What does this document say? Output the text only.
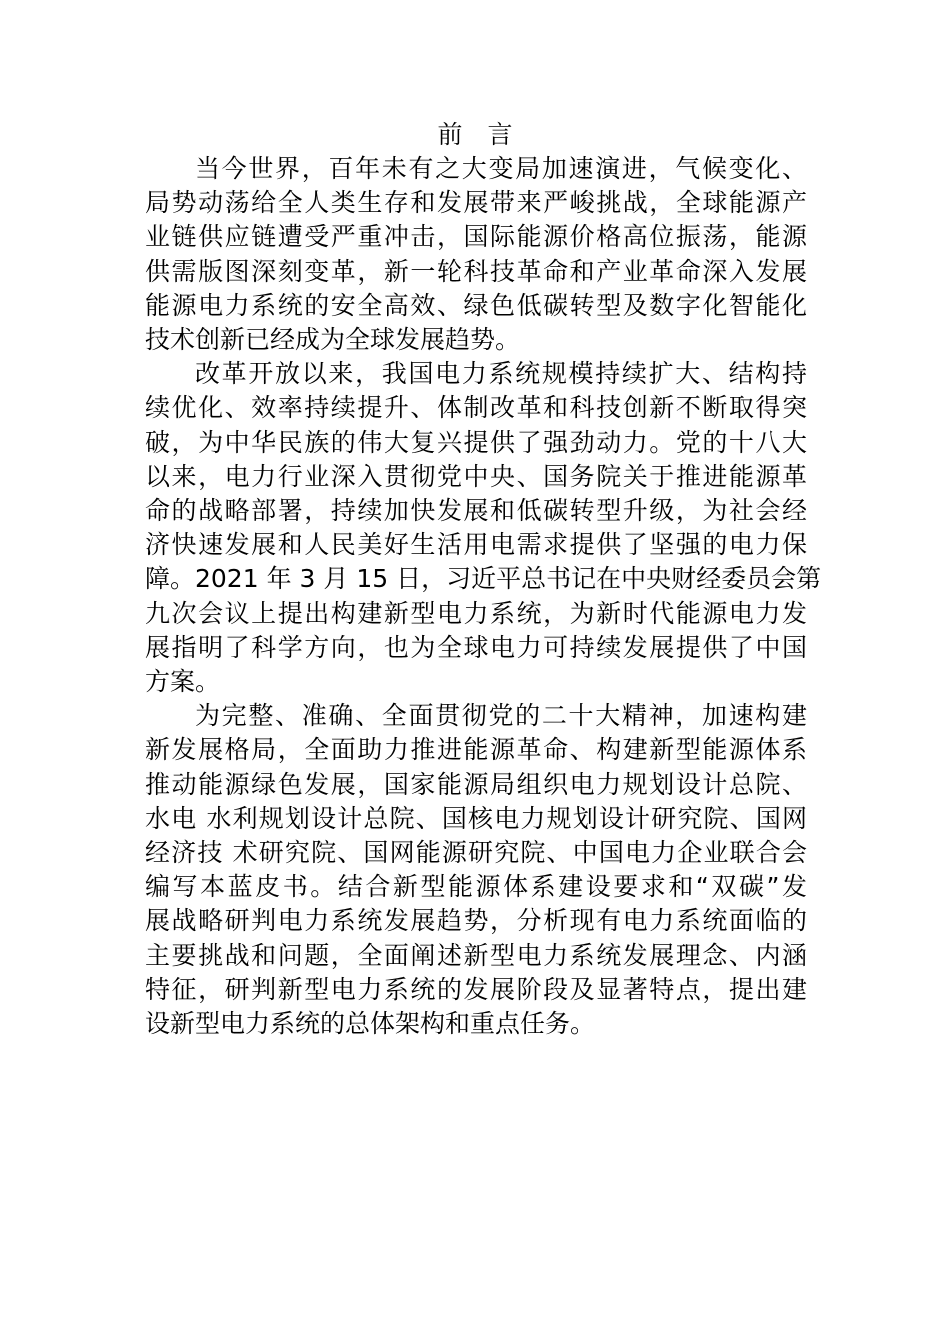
前　言
当今世界，百年未有之大变局加速演进，气候变化、
局势动荡给全人类生存和发展带来严峻挑战，全球能源产
业链供应链遭受严重冲击，国际能源价格高位振荡，能源
供需版图深刻变革，新一轮科技革命和产业革命深入发展
能源电力系统的安全高效、绿色低碳转型及数字化智能化
技术创新已经成为全球发展趋势。
改革开放以来，我国电力系统规模持续扩大、结构持
续优化、效率持续提升、体制改革和科技创新不断取得突
破，为中华民族的伟大复兴提供了强劲动力。党的十八大
以来，电力行业深入贯彻党中央、国务院关于推进能源革
命的战略部署，持续加快发展和低碳转型升级，为社会经
济快速发展和人民美好生活用电需求提供了坚强的电力保
障。2021 年 3 月 15 日，习近平总书记在中央财经委员会第
九次会议上提出构建新型电力系统，为新时代能源电力发
展指明了科学方向，也为全球电力可持续发展提供了中国
方案。
为完整、准确、全面贯彻党的二十大精神，加速构建
新发展格局，全面助力推进能源革命、构建新型能源体系
推动能源绿色发展，国家能源局组织电力规划设计总院、
水电 水利规划设计总院、国核电力规划设计研究院、国网
经济技 术研究院、国网能源研究院、中国电力企业联合会
编写本蓝皮书。结合新型能源体系建设要求和“双碳”发
展战略研判电力系统发展趋势，分析现有电力系统面临的
主要挑战和问题，全面阐述新型电力系统发展理念、内涵
特征，研判新型电力系统的发展阶段及显著特点，提出建
设新型电力系统的总体架构和重点任务。
